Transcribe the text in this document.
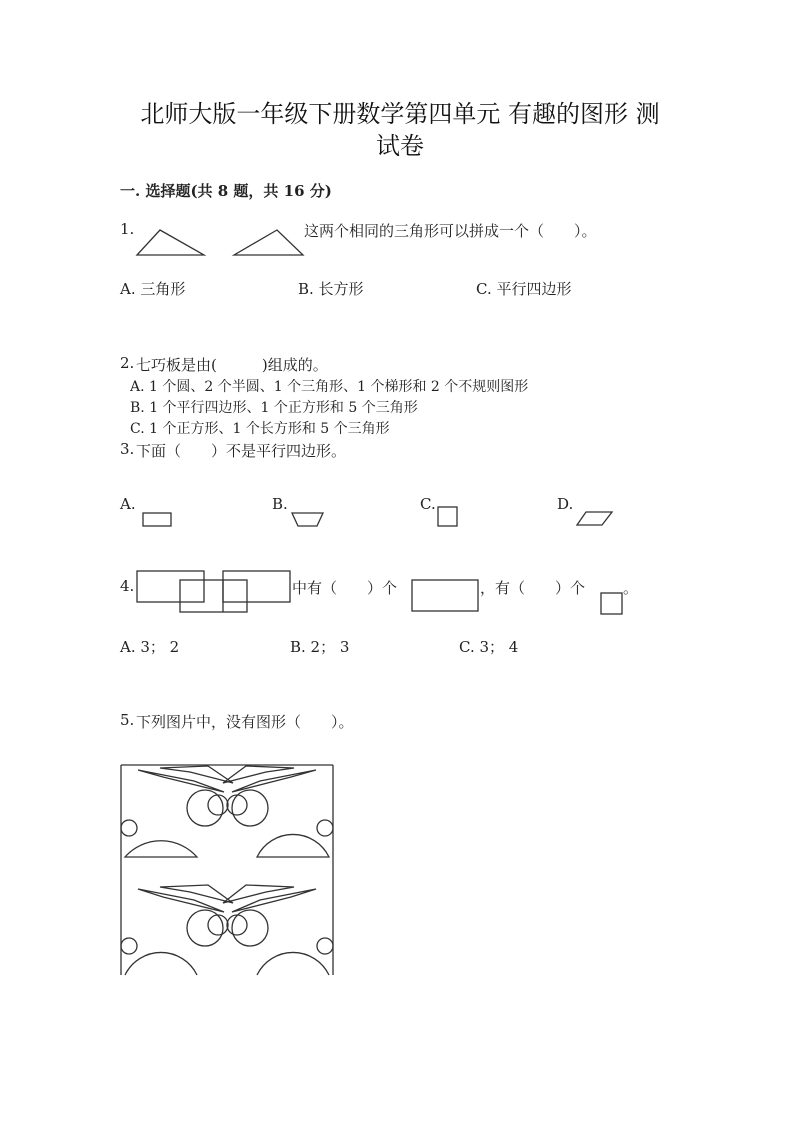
北师大版一年级下册数学第四单元 有趣的图形 测
试卷
一. 选择题(共 8 题，共 16 分)
1.	这两个相同的三角形可以拼成一个（　　）。
A. 三角形	B. 长方形	C. 平行四边形
2. 七巧板是由(　　　)组成的。
A. 1 个圆、2 个半圆、1 个三角形、1 个梯形和 2 个不规则图形
B. 1 个平行四边形、1 个正方形和 5 个三角形
C. 1 个正方形、1 个长方形和 5 个三角形
3. 下面（　　）不是平行四边形。
A.	B.	C.	D.
4.	中有（　　）个	，有（　　）个	。
A. 3； 2	B. 2； 3	C. 3； 4
5. 下列图片中，没有图形（　　）。
